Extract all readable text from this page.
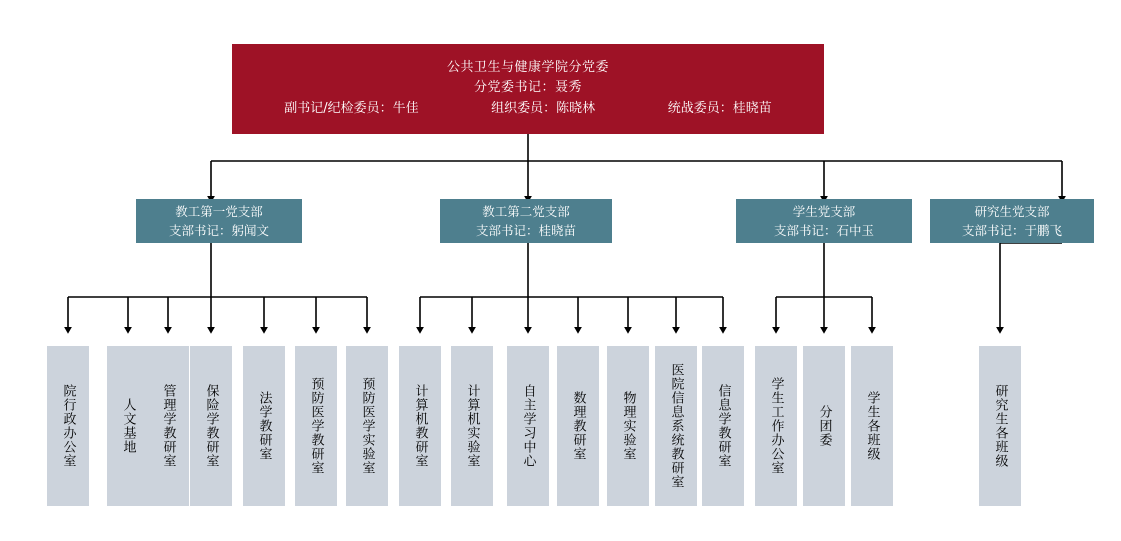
公共卫生与健康学院分党委
分党委书记：聂秀
副书记/纪检委员：牛佳	组织委员：陈晓林	统战委员：桂晓苗
教工第一党支部
支部书记：躬闻文
教工第二党支部
支部书记：桂晓苗
学生党支部
支部书记：石中玉
研究生党支部
支部书记：于鹏飞
院行政办公室	人文基地 管理学教研室 保险学教研室	法学教研室	预防医学教研室	预防医学实验室	计算机教研室	计算机实验室	自主学习中心	数理教研室	物理实验室	医院信息系统教研室 信息学教研室	学生工作办公室	分团委	学生各班级	研究生各班级
